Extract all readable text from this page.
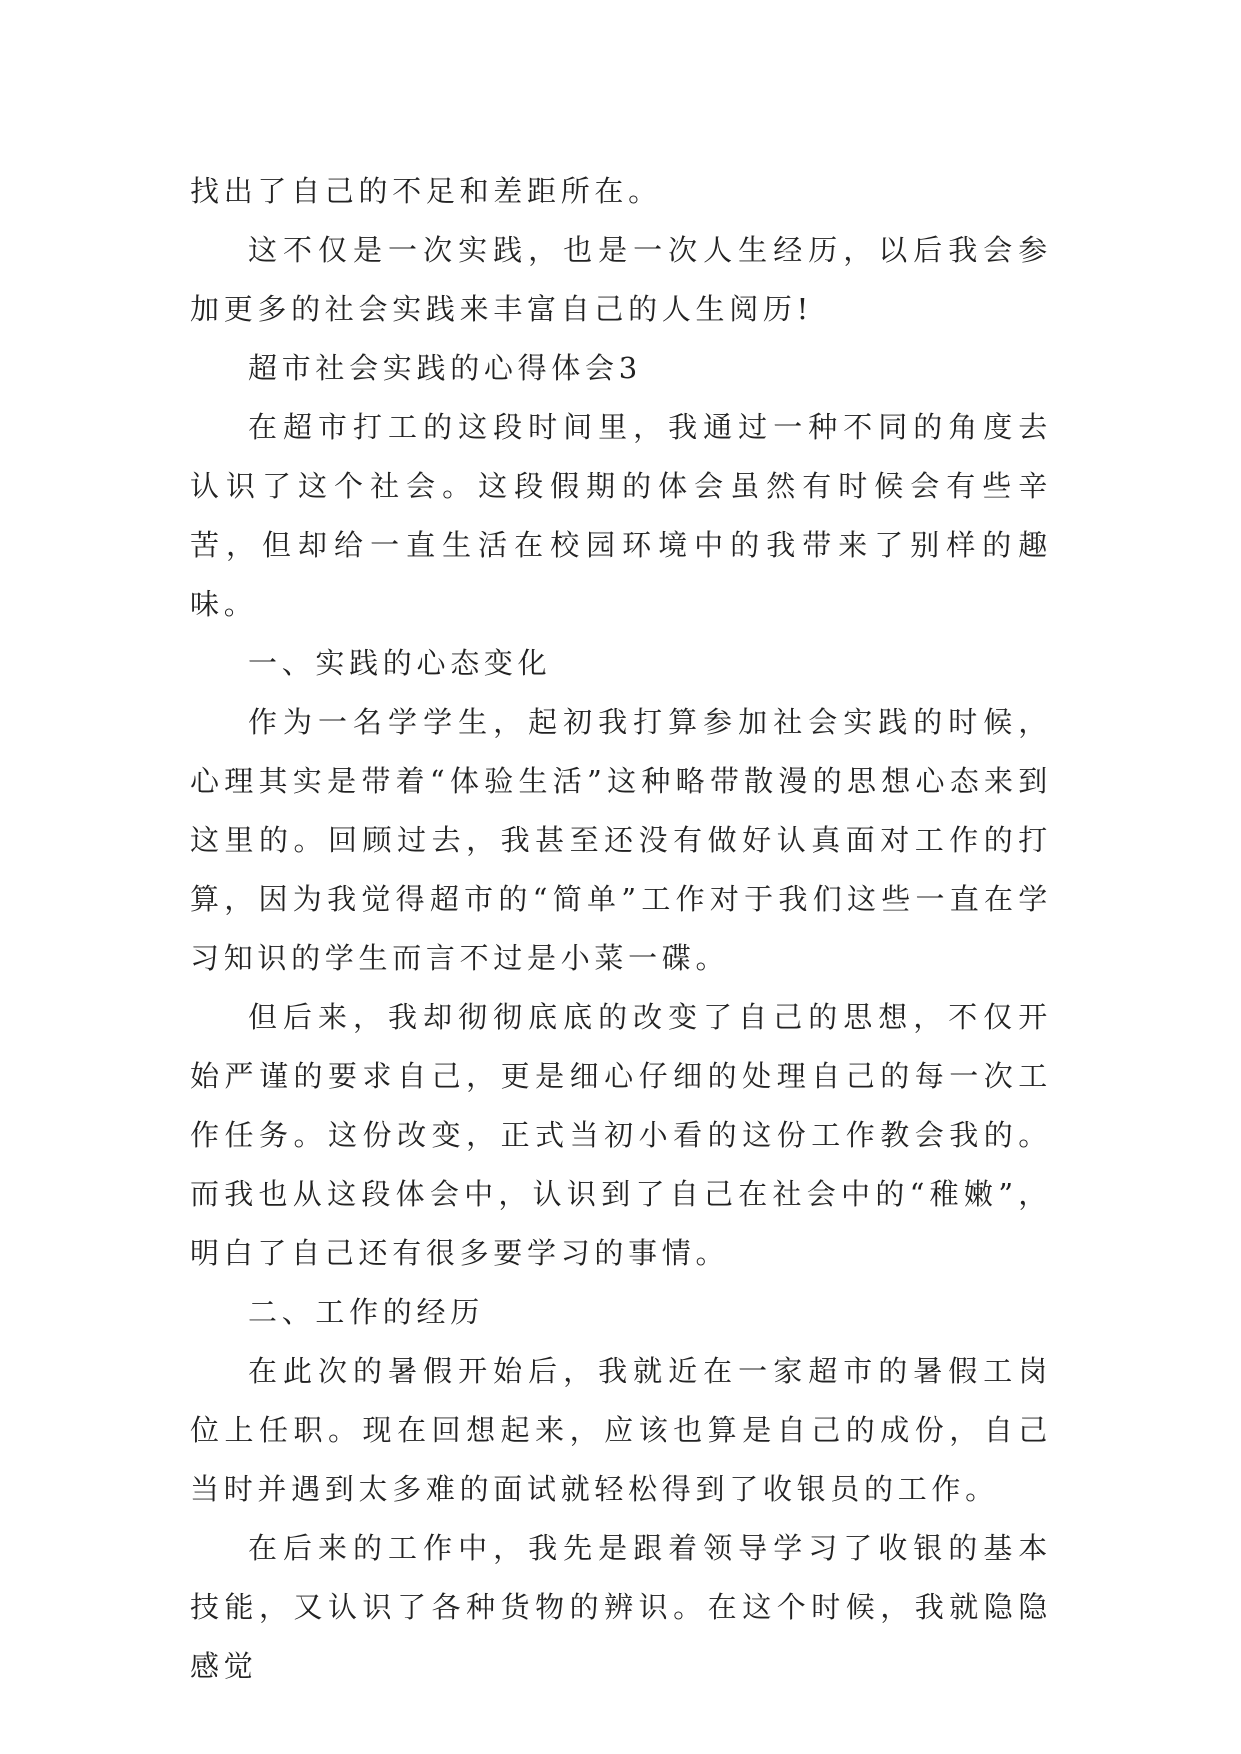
找出了自己的不足和差距所在。

这不仅是一次实践，也是一次人生经历，以后我会参加更多的社会实践来丰富自己的人生阅历!

超市社会实践的心得体会3

在超市打工的这段时间里，我通过一种不同的角度去认识了这个社会。这段假期的体会虽然有时候会有些辛苦，但却给一直生活在校园环境中的我带来了别样的趣味。

一、实践的心态变化

作为一名学学生，起初我打算参加社会实践的时候，心理其实是带着“体验生活”这种略带散漫的思想心态来到这里的。回顾过去，我甚至还没有做好认真面对工作的打算，因为我觉得超市的“简单”工作对于我们这些一直在学习知识的学生而言不过是小菜一碟。

但后来，我却彻彻底底的改变了自己的思想，不仅开始严谨的要求自己，更是细心仔细的处理自己的每一次工作任务。这份改变，正式当初小看的这份工作教会我的。而我也从这段体会中，认识到了自己在社会中的“稚嫩”，明白了自己还有很多要学习的事情。

二、工作的经历

在此次的暑假开始后，我就近在一家超市的暑假工岗位上任职。现在回想起来，应该也算是自己的成份，自己当时并遇到太多难的面试就轻松得到了收银员的工作。

在后来的工作中，我先是跟着领导学习了收银的基本技能，又认识了各种货物的辨识。在这个时候，我就隐隐感觉
